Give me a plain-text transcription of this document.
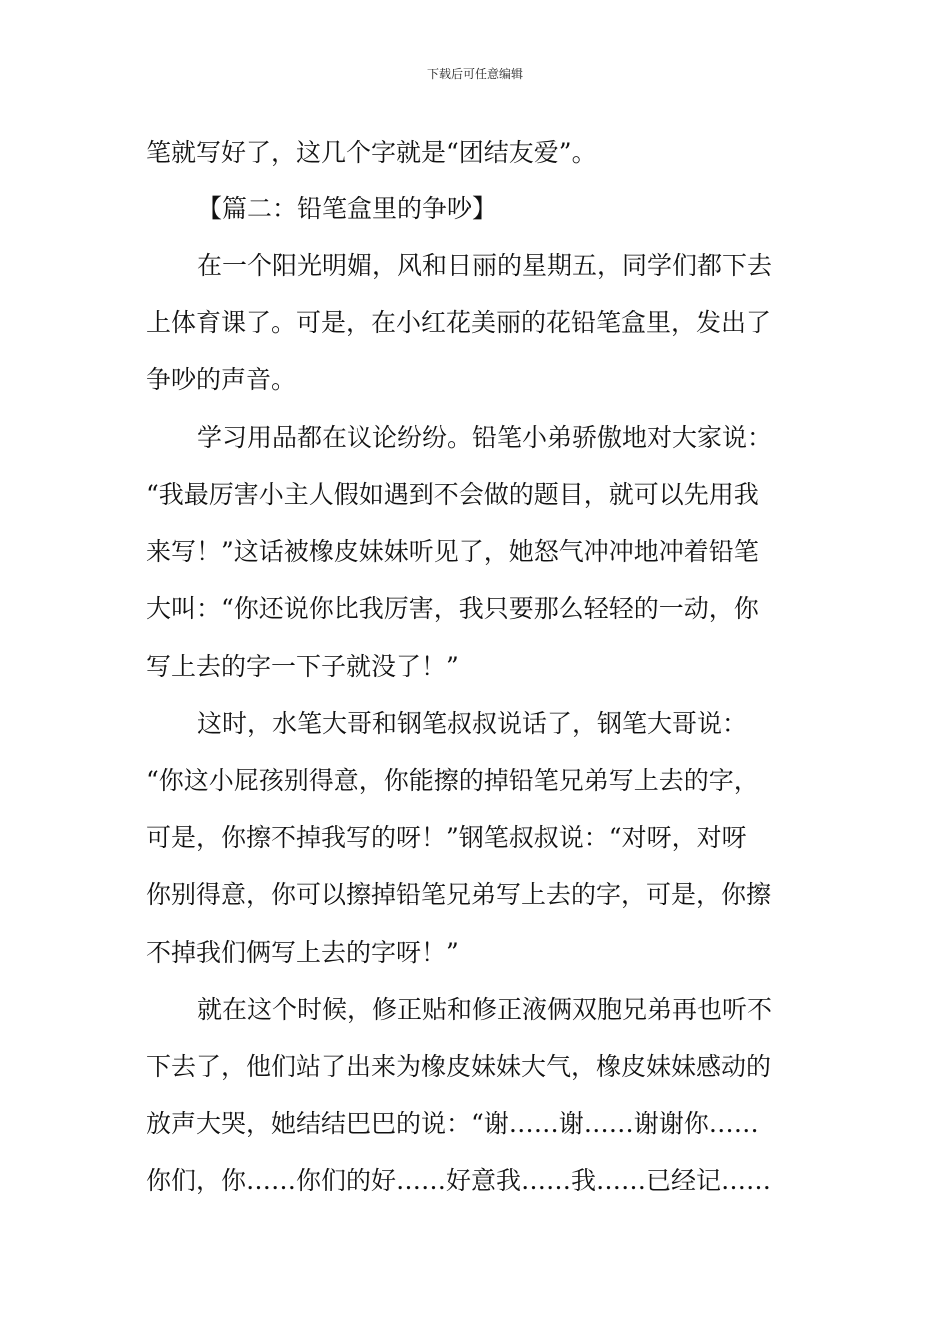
下载后可任意编辑
笔就写好了，这几个字就是“团结友爱”。
【篇二：铅笔盒里的争吵】
在一个阳光明媚，风和日丽的星期五，同学们都下去
上体育课了。可是，在小红花美丽的花铅笔盒里，发出了
争吵的声音。
学习用品都在议论纷纷。铅笔小弟骄傲地对大家说：
“我最厉害小主人假如遇到不会做的题目，就可以先用我
来写！”这话被橡皮妹妹听见了，她怒气冲冲地冲着铅笔
大叫：“你还说你比我厉害，我只要那么轻轻的一动，你
写上去的字一下子就没了！”
这时，水笔大哥和钢笔叔叔说话了，钢笔大哥说：
“你这小屁孩别得意，你能擦的掉铅笔兄弟写上去的字，
可是，你擦不掉我写的呀！”钢笔叔叔说：“对呀，对呀
你别得意，你可以擦掉铅笔兄弟写上去的字，可是，你擦
不掉我们俩写上去的字呀！”
就在这个时候，修正贴和修正液俩双胞兄弟再也听不
下去了，他们站了出来为橡皮妹妹大气，橡皮妹妹感动的
放声大哭，她结结巴巴的说：“谢……谢……谢谢你……
你们，你……你们的好……好意我……我……已经记……
